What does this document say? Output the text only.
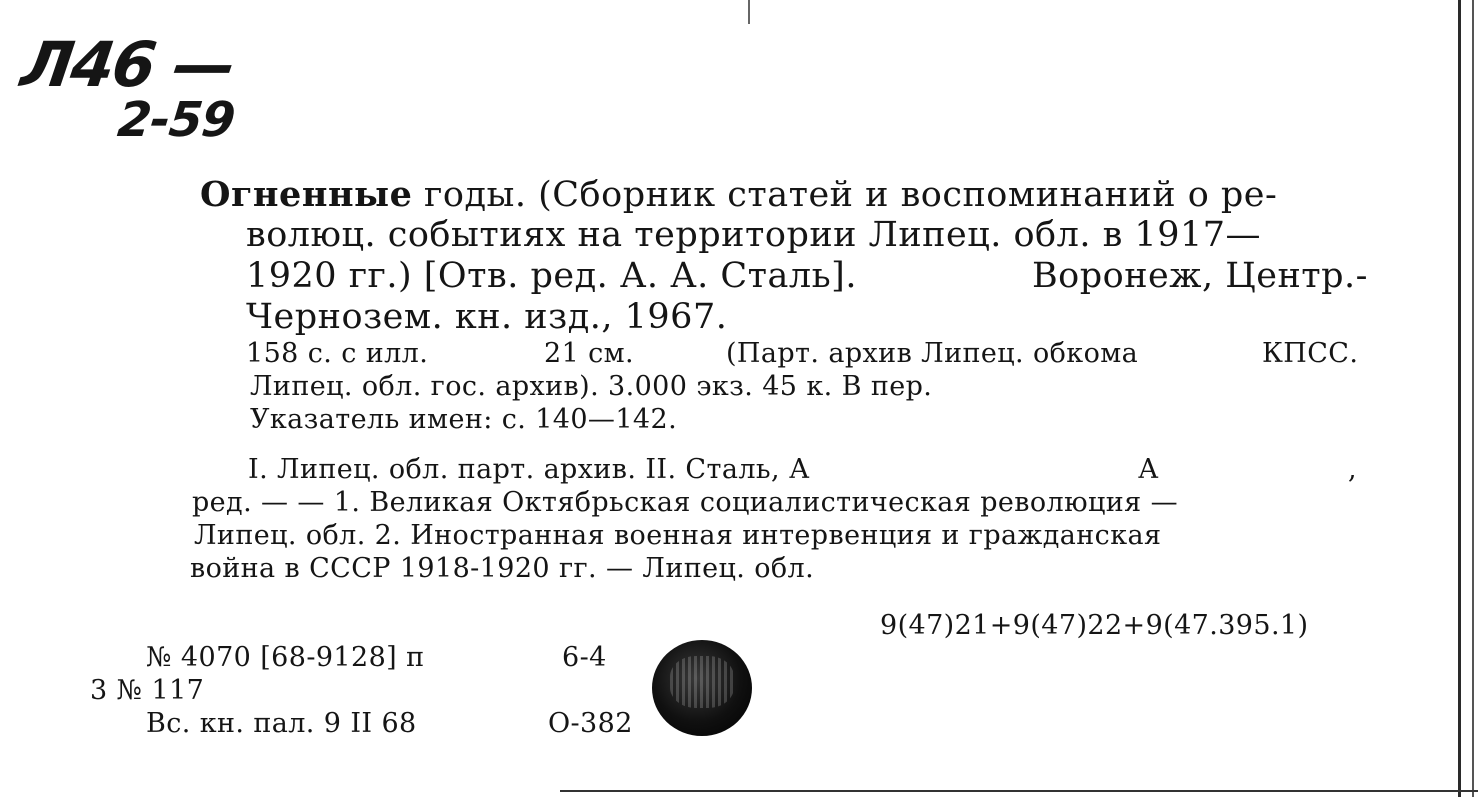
Л46 —
2-59
Огненные годы. (Сборник статей и воспоминаний о ре-
волюц. событиях на территории Липец. обл. в 1917—
1920 гг.) [Отв. ред. А. А. Сталь].	Воронеж, Центр.-
Чернозем. кн. изд., 1967.
158 с. с илл.	21 см.	(Парт. архив Липец. обкома	КПСС.
Липец. обл. гос. архив). 3.000 экз. 45 к. В пер.
Указатель имен: с. 140—142.
I. Липец. обл. парт. архив. II. Сталь, А	А	,
ред. — — 1. Великая Октябрьская социалистическая революция —
Липец. обл. 2. Иностранная военная интервенция и гражданская
война в СССР 1918-1920 гг. — Липец. обл.
9(47)21+9(47)22+9(47.395.1)
№ 4070 [68-9128] п	6-4
3 № 117
Вс. кн. пал. 9 II 68	О-382
